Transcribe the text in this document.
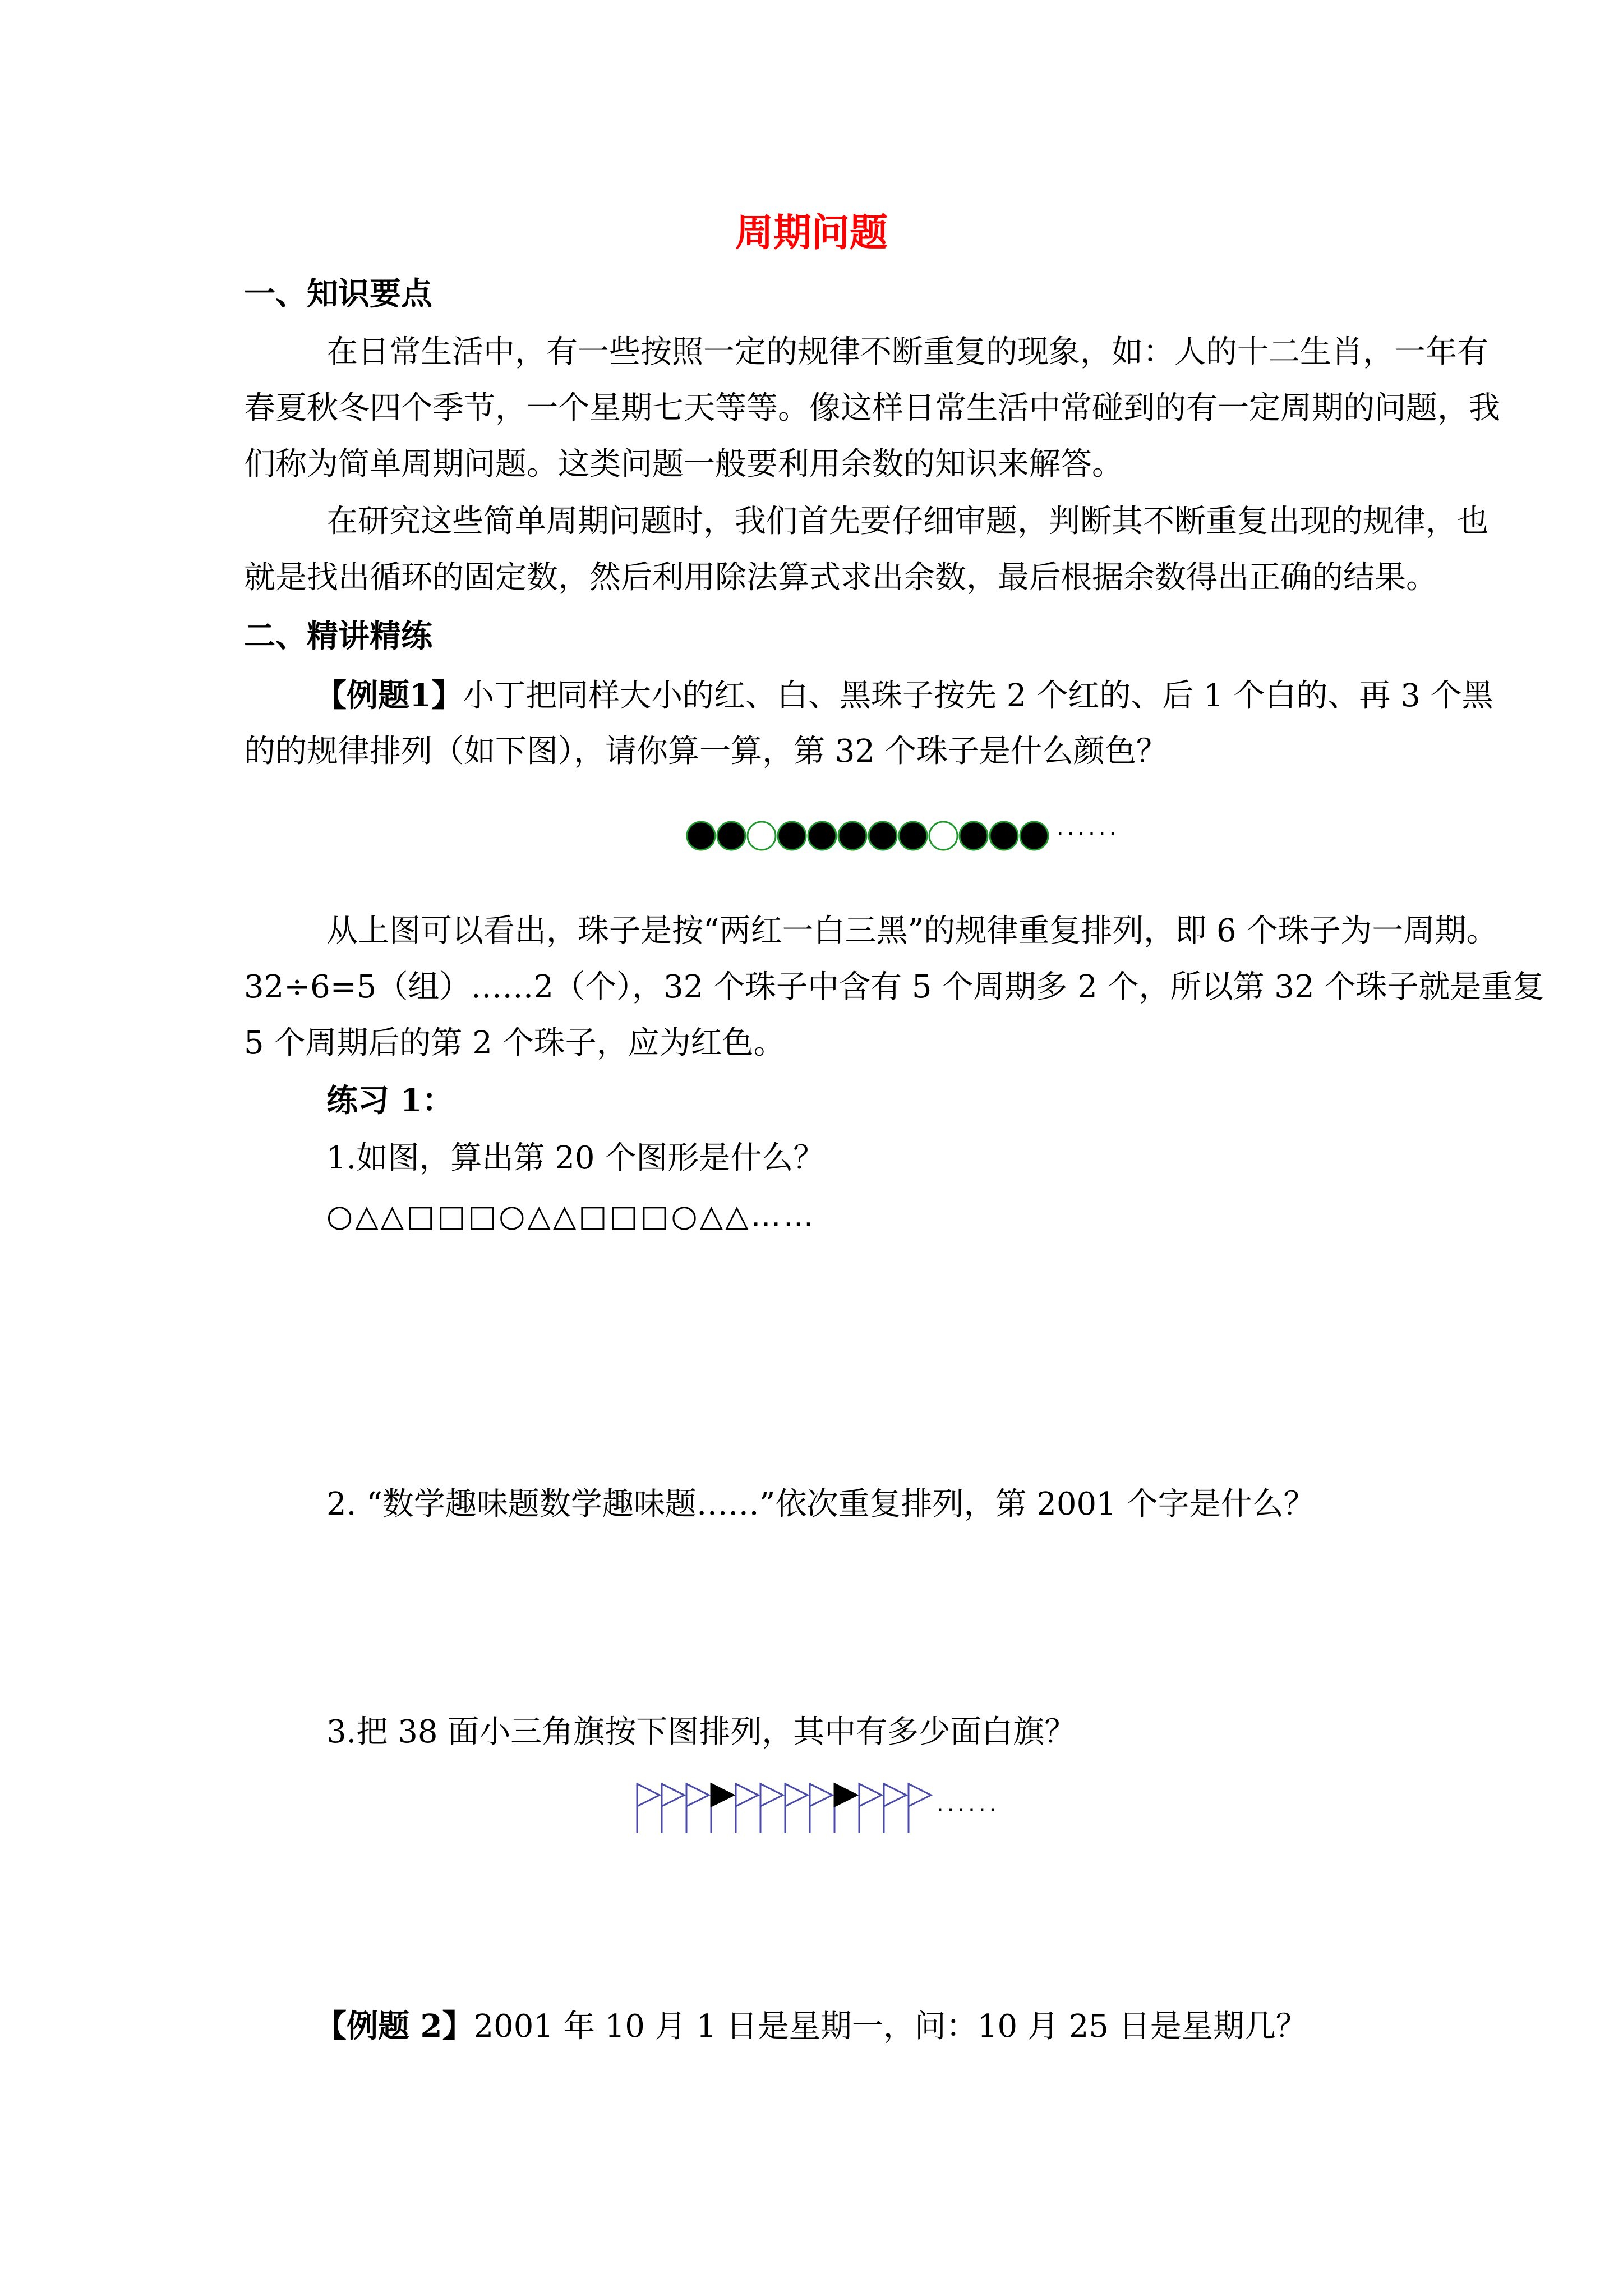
周期问题
一、知识要点
在日常生活中，有一些按照一定的规律不断重复的现象，如：人的十二生肖，一年有
春夏秋冬四个季节，一个星期七天等等。像这样日常生活中常碰到的有一定周期的问题，我
们称为简单周期问题。这类问题一般要利用余数的知识来解答。
在研究这些简单周期问题时，我们首先要仔细审题，判断其不断重复出现的规律，也
就是找出循环的固定数，然后利用除法算式求出余数，最后根据余数得出正确的结果。
二、精讲精练
【例题1】小丁把同样大小的红、白、黑珠子按先 2 个红的、后 1 个白的、再 3 个黑
的的规律排列（如下图），请你算一算，第 32 个珠子是什么颜色？
······
从上图可以看出，珠子是按“两红一白三黑”的规律重复排列，即 6 个珠子为一周期。
32÷6=5（组）……2（个），32 个珠子中含有 5 个周期多 2 个，所以第 32 个珠子就是重复
5 个周期后的第 2 个珠子，应为红色。
练习 1：
1.如图，算出第 20 个图形是什么？
○△△□□□○△△□□□○△△……
2. “数学趣味题数学趣味题……”依次重复排列，第 2001 个字是什么？
3.把 38 面小三角旗按下图排列，其中有多少面白旗？
······
【例题 2】2001 年 10 月 1 日是星期一，问：10 月 25 日是星期几？
